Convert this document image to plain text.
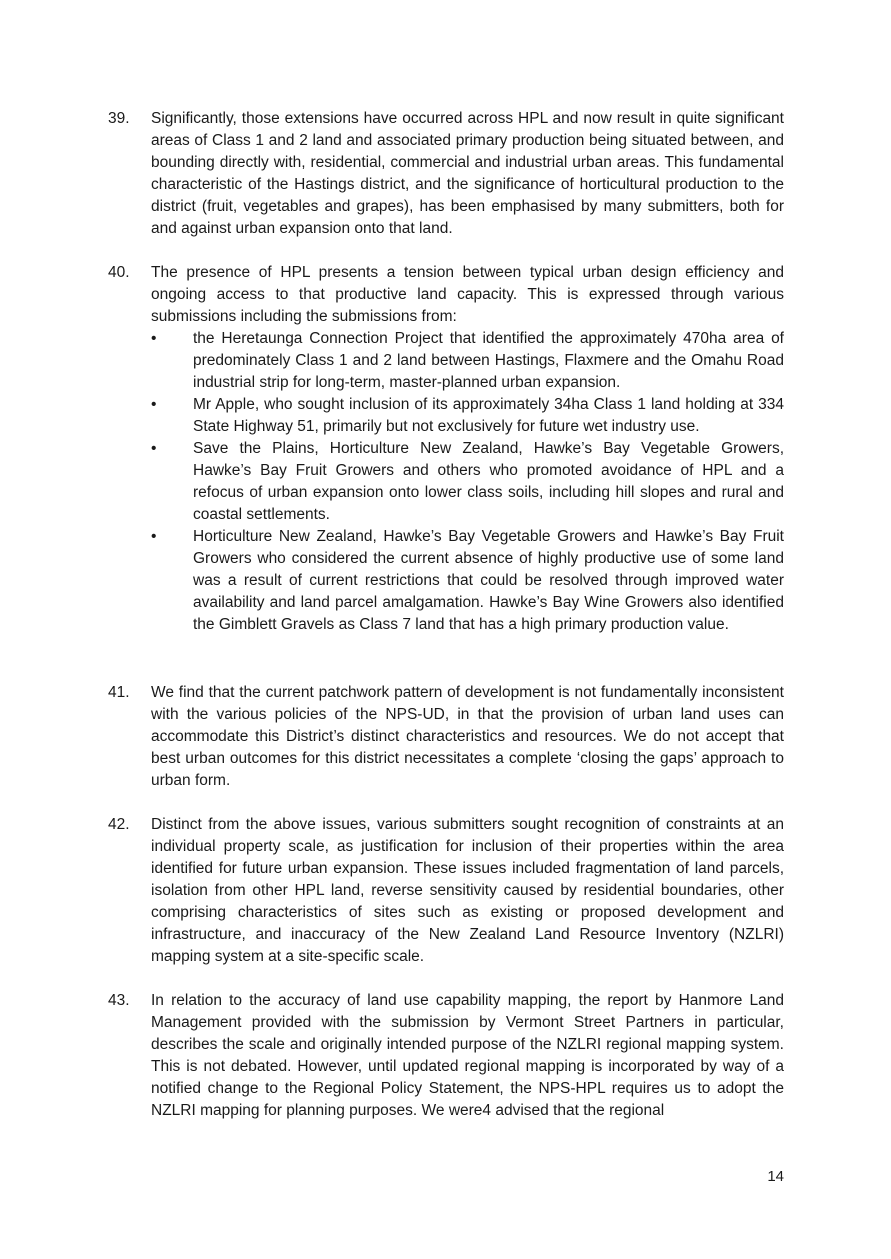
39. Significantly, those extensions have occurred across HPL and now result in quite significant areas of Class 1 and 2 land and associated primary production being situated between, and bounding directly with, residential, commercial and industrial urban areas. This fundamental characteristic of the Hastings district, and the significance of horticultural production to the district (fruit, vegetables and grapes), has been emphasised by many submitters, both for and against urban expansion onto that land.
40. The presence of HPL presents a tension between typical urban design efficiency and ongoing access to that productive land capacity. This is expressed through various submissions including the submissions from:
• the Heretaunga Connection Project that identified the approximately 470ha area of predominately Class 1 and 2 land between Hastings, Flaxmere and the Omahu Road industrial strip for long-term, master-planned urban expansion.
• Mr Apple, who sought inclusion of its approximately 34ha Class 1 land holding at 334 State Highway 51, primarily but not exclusively for future wet industry use.
• Save the Plains, Horticulture New Zealand, Hawke’s Bay Vegetable Growers, Hawke’s Bay Fruit Growers and others who promoted avoidance of HPL and a refocus of urban expansion onto lower class soils, including hill slopes and rural and coastal settlements.
• Horticulture New Zealand, Hawke’s Bay Vegetable Growers and Hawke’s Bay Fruit Growers who considered the current absence of highly productive use of some land was a result of current restrictions that could be resolved through improved water availability and land parcel amalgamation. Hawke’s Bay Wine Growers also identified the Gimblett Gravels as Class 7 land that has a high primary production value.
41. We find that the current patchwork pattern of development is not fundamentally inconsistent with the various policies of the NPS-UD, in that the provision of urban land uses can accommodate this District’s distinct characteristics and resources. We do not accept that best urban outcomes for this district necessitates a complete ‘closing the gaps’ approach to urban form.
42. Distinct from the above issues, various submitters sought recognition of constraints at an individual property scale, as justification for inclusion of their properties within the area identified for future urban expansion. These issues included fragmentation of land parcels, isolation from other HPL land, reverse sensitivity caused by residential boundaries, other comprising characteristics of sites such as existing or proposed development and infrastructure, and inaccuracy of the New Zealand Land Resource Inventory (NZLRI) mapping system at a site-specific scale.
43. In relation to the accuracy of land use capability mapping, the report by Hanmore Land Management provided with the submission by Vermont Street Partners in particular, describes the scale and originally intended purpose of the NZLRI regional mapping system. This is not debated. However, until updated regional mapping is incorporated by way of a notified change to the Regional Policy Statement, the NPS-HPL requires us to adopt the NZLRI mapping for planning purposes. We were4 advised that the regional
14
